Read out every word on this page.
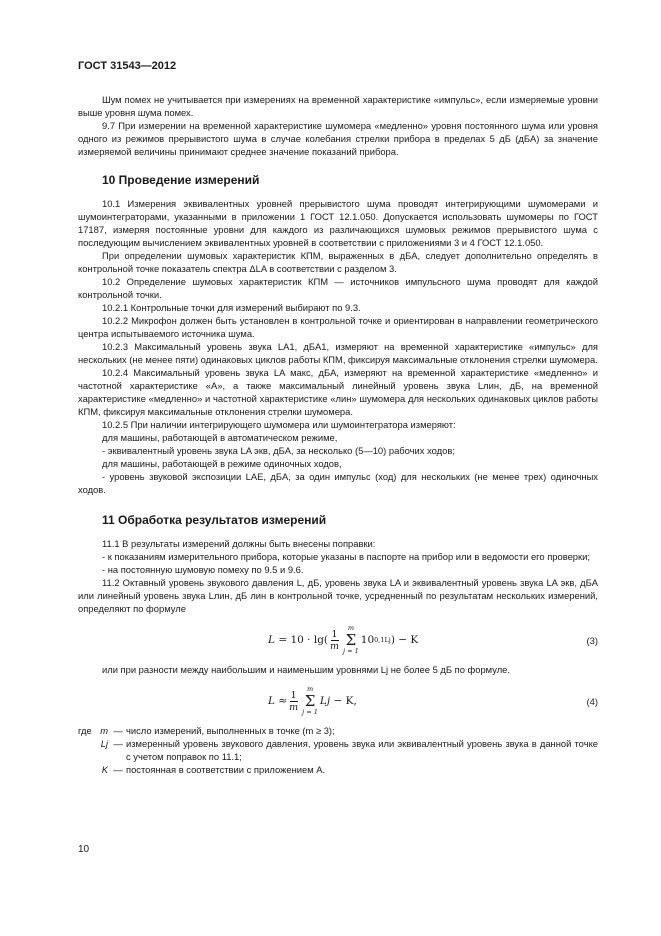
ГОСТ 31543—2012

Шум помех не учитывается при измерениях на временной характеристике «импульс», если измеряемые уровни выше уровня шума помех.

9.7 При измерении на временной характеристике шумомера «медленно» уровня постоянного шума или уровня одного из режимов прерывистого шума в случае колебания стрелки прибора в пределах 5 дБ (дБA) за значение измеряемой величины принимают среднее значение показаний прибора.

10 Проведение измерений

10.1 Измерения эквивалентных уровней прерывистого шума проводят интегрирующими шумомерами и шумоинтеграторами, указанными в приложении 1 ГОСТ 12.1.050. Допускается использовать шумомеры по ГОСТ 17187, измеряя постоянные уровни для каждого из различающихся шумовых режимов прерывистого шума с последующим вычислением эквивалентных уровней в соответствии с приложениями 3 и 4 ГОСТ 12.1.050.

При определении шумовых характеристик КПМ, выраженных в дБA, следует дополнительно определять в контрольной точке показатель спектра ΔLA в соответствии с разделом 3.

10.2 Определение шумовых характеристик КПМ — источников импульсного шума проводят для каждой контрольной точки.

10.2.1 Контрольные точки для измерений выбирают по 9.3.

10.2.2 Микрофон должен быть установлен в контрольной точке и ориентирован в направлении геометрического центра испытываемого источника шума.

10.2.3 Максимальный уровень звука LA1, дБA1, измеряют на временной характеристике «импульс» для нескольких (не менее пяти) одинаковых циклов работы КПМ, фиксируя максимальные отклонения стрелки шумомера.

10.2.4 Максимальный уровень звука LA макс, дБA, измеряют на временной характеристике «медленно» и частотной характеристике «A», а также максимальный линейный уровень звука Lлин, дБ, на временной характеристике «медленно» и частотной характеристике «лин» шумомера для нескольких одинаковых циклов работы КПМ, фиксируя максимальные отклонения стрелки шумомера.

10.2.5 При наличии интегрирующего шумомера или шумоинтегратора измеряют:

для машины, работающей в автоматическом режиме,

- эквивалентный уровень звука LA экв, дБA, за несколько (5—10) рабочих ходов;

для машины, работающей в режиме одиночных ходов,

- уровень звуковой экспозиции LAE, дБA, за один импульс (ход) для нескольких (не менее трех) одиночных ходов.

11 Обработка результатов измерений

11.1 В результаты измерений должны быть внесены поправки:

- к показаниям измерительного прибора, которые указаны в паспорте на прибор или в ведомости его проверки;

- на постоянную шумовую помеху по 9.5 и 9.6.

11.2 Октавный уровень звукового давления L, дБ, уровень звука LA и эквивалентный уровень звука LA экв, дБA или линейный уровень звука Lлин, дБ лин в контрольной точке, усредненный по результатам нескольких измерений, определяют по формуле

L
= $10 \cdot \lg( \frac{1}{m}$
m
Σ
j = 1
10 0,1Lj ) − K	(3)

или при разности между наибольшим и наименьшим уровнями Lj не более 5 дБ по формуле.

L
≈ $\frac{1}{m}$
m
Σ
j = 1
Lj
− K,	(4)
где m — число измерений, выполненных в точке (m ≥ 3);
Lj — измеренный уровень звукового давления, уровень звука или эквивалентный уровень звука в данной точке с учетом поправок по 11.1;
K — постоянная в соответствии с приложением А.
10
